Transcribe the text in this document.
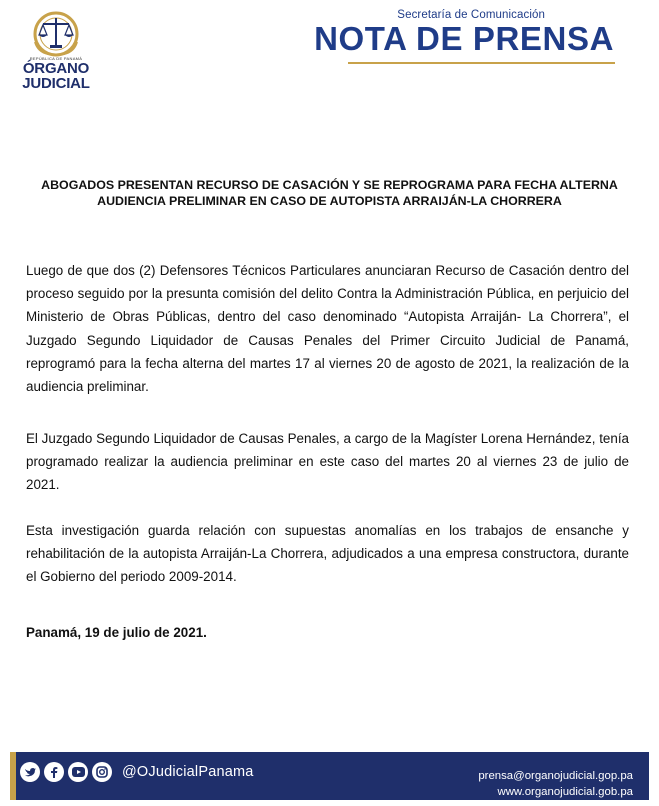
REPÚBLICA DE PANAMÁ
ÓRGANO
JUDICIAL
Secretaría de Comunicación
NOTA DE PRENSA
ABOGADOS PRESENTAN RECURSO DE CASACIÓN Y SE REPROGRAMA PARA FECHA ALTERNA AUDIENCIA PRELIMINAR EN CASO DE AUTOPISTA ARRAIJÁN-LA CHORRERA
Luego de que dos (2) Defensores Técnicos Particulares anunciaran Recurso de Casación dentro del proceso seguido por la presunta comisión del delito Contra la Administración Pública, en perjuicio del Ministerio de Obras Públicas, dentro del caso denominado “Autopista Arraiján- La Chorrera”, el Juzgado Segundo Liquidador de Causas Penales del Primer Circuito Judicial de Panamá, reprogramó para la fecha alterna del martes 17 al viernes 20 de agosto de 2021, la realización de la audiencia preliminar.
El Juzgado Segundo Liquidador de Causas Penales, a cargo de la Magíster Lorena Hernández, tenía programado realizar la audiencia preliminar en este caso del martes 20 al viernes 23 de julio de 2021.
Esta investigación guarda relación con supuestas anomalías en los trabajos de ensanche y rehabilitación de la autopista Arraiján-La Chorrera, adjudicados a una empresa constructora, durante el Gobierno del periodo 2009-2014.
Panamá, 19 de julio de 2021.
@OJudicialPanama	prensa@organojudicial.gop.pa
www.organojudicial.gob.pa
